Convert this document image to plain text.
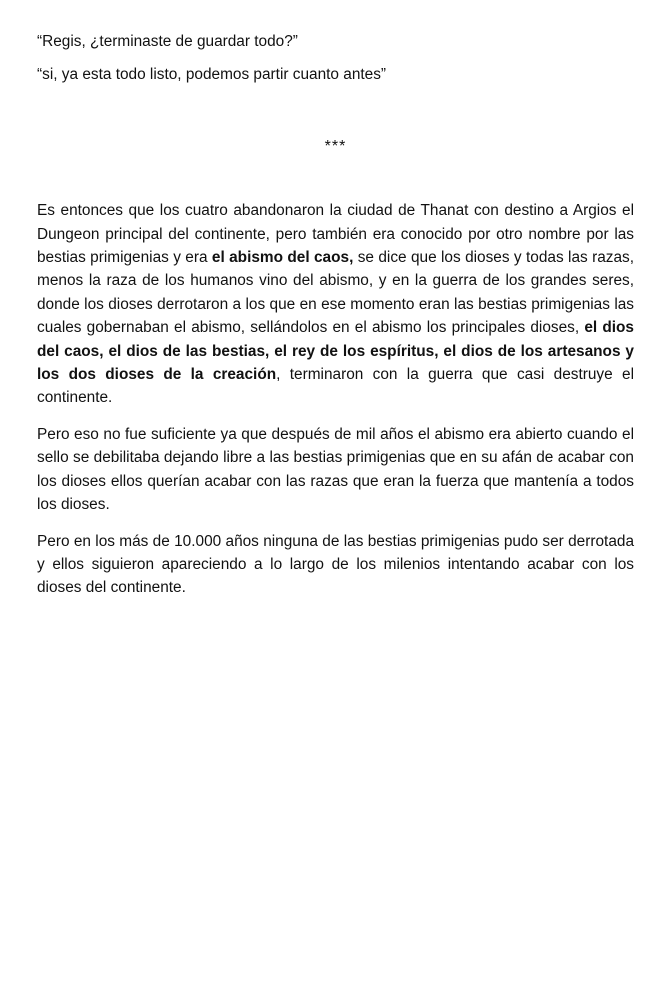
“Regis, ¿terminaste de guardar todo?”

“si, ya esta todo listo, podemos partir cuanto antes”

***

Es entonces que los cuatro abandonaron la ciudad de Thanat con destino a Argios el Dungeon principal del continente, pero también era conocido por otro nombre por las bestias primigenias y era el abismo del caos, se dice que los dioses y todas las razas, menos la raza de los humanos vino del abismo, y en la guerra de los grandes seres, donde los dioses derrotaron a los que en ese momento eran las bestias primigenias las cuales gobernaban el abismo, sellándolos en el abismo los principales dioses, el dios del caos, el dios de las bestias, el rey de los espíritus, el dios de los artesanos y los dos dioses de la creación, terminaron con la guerra que casi destruye el continente.

Pero eso no fue suficiente ya que después de mil años el abismo era abierto cuando el sello se debilitaba dejando libre a las bestias primigenias que en su afán de acabar con los dioses ellos querían acabar con las razas que eran la fuerza que mantenía a todos los dioses.

Pero en los más de 10.000 años ninguna de las bestias primigenias pudo ser derrotada y ellos siguieron apareciendo a lo largo de los milenios intentando acabar con los dioses del continente.
